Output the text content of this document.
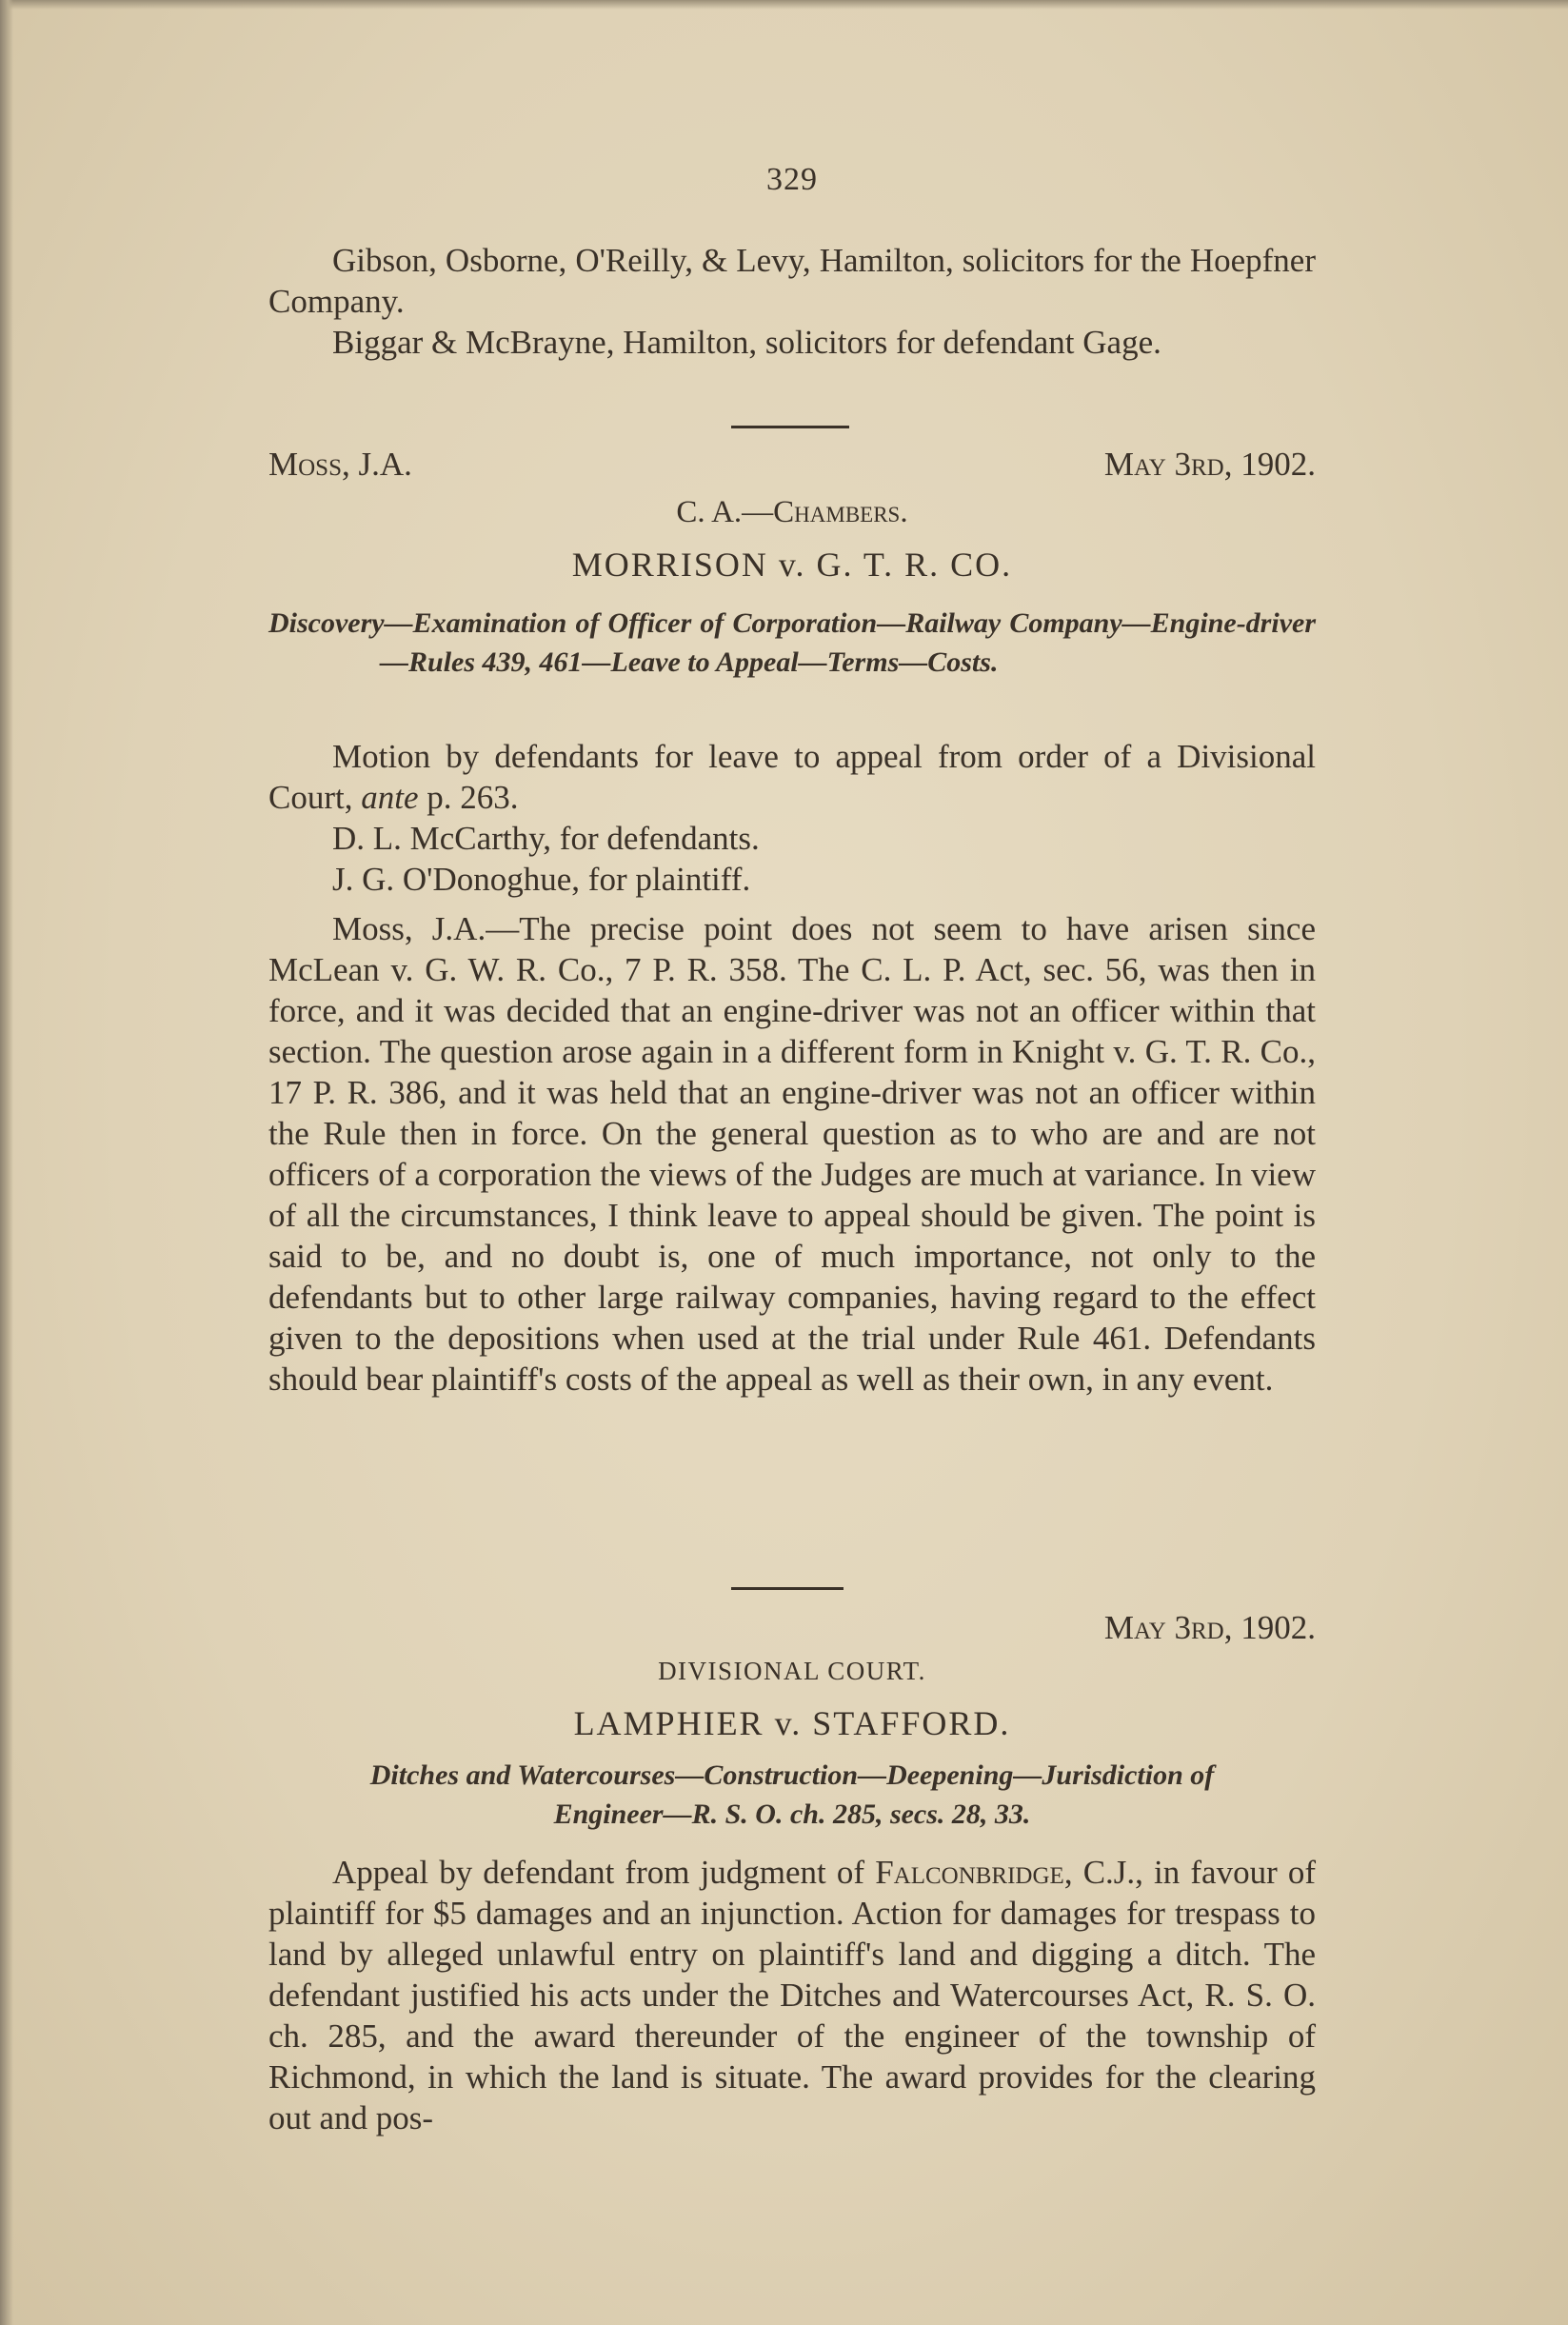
329

Gibson, Osborne, O'Reilly, & Levy, Hamilton, solicitors for the Hoepfner Company.

Biggar & McBrayne, Hamilton, solicitors for defendant Gage.

Moss, J.A.	May 3rd, 1902.
C. A.—Chambers.
MORRISON v. G. T. R. CO.
Discovery—Examination of Officer of Corporation—Railway Company—Engine-driver—Rules 439, 461—Leave to Appeal—Terms—Costs.

Motion by defendants for leave to appeal from order of a Divisional Court, ante p. 263.

D. L. McCarthy, for defendants.

J. G. O'Donoghue, for plaintiff.

Moss, J.A.—The precise point does not seem to have arisen since McLean v. G. W. R. Co., 7 P. R. 358. The C. L. P. Act, sec. 56, was then in force, and it was decided that an engine-driver was not an officer within that section. The question arose again in a different form in Knight v. G. T. R. Co., 17 P. R. 386, and it was held that an engine-driver was not an officer within the Rule then in force. On the general question as to who are and are not officers of a corporation the views of the Judges are much at variance. In view of all the circumstances, I think leave to appeal should be given. The point is said to be, and no doubt is, one of much importance, not only to the defendants but to other large railway companies, having regard to the effect given to the depositions when used at the trial under Rule 461. Defendants should bear plaintiff's costs of the appeal as well as their own, in any event.

May 3rd, 1902.
DIVISIONAL COURT.
LAMPHIER v. STAFFORD.
Ditches and Watercourses—Construction—Deepening—Jurisdiction of
Engineer—R. S. O. ch. 285, secs. 28, 33.

Appeal by defendant from judgment of Falconbridge, C.J., in favour of plaintiff for $5 damages and an injunction. Action for damages for trespass to land by alleged unlawful entry on plaintiff's land and digging a ditch. The defendant justified his acts under the Ditches and Watercourses Act, R. S. O. ch. 285, and the award thereunder of the engineer of the township of Richmond, in which the land is situate. The award provides for the clearing out and pos-
